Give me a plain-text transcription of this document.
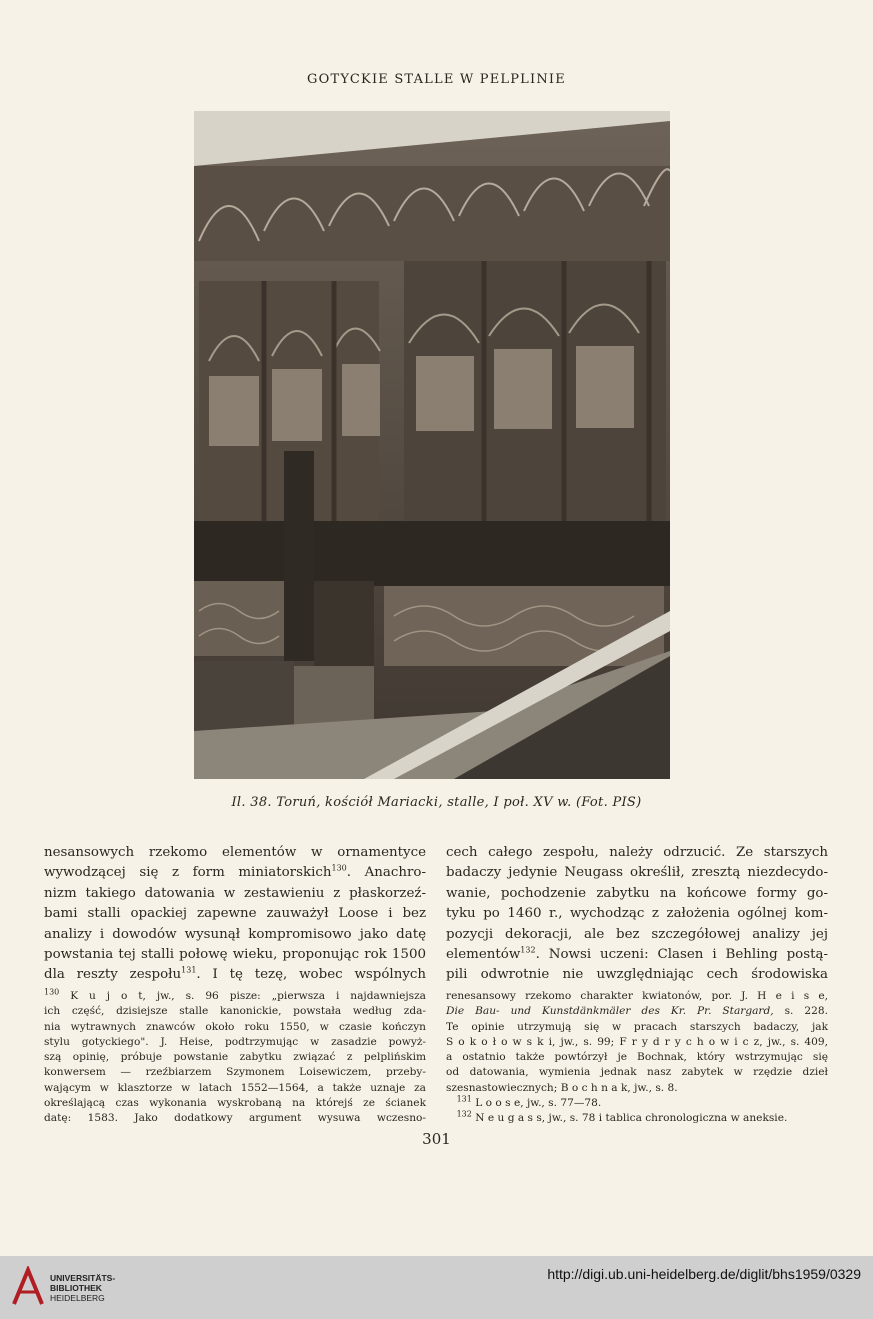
GOTYCKIE STALLE W PELPLINIE
Il. 38. Toruń, kościół Mariacki, stalle, I poł. XV w. (Fot. PIS)
nesansowych rzekomo elementów w ornamentyce
wywodzącej się z form miniatorskich$^{130}$. Anachro-
nizm takiego datowania w zestawieniu z płaskorzeź-
bami stalli opackiej zapewne zauważył Loose i bez
analizy i dowodów wysunął kompromisowo jako datę
powstania tej stalli połowę wieku, proponując rok 1500
dla reszty zespołu$^{131}$. I tę tezę, wobec wspólnych
cech całego zespołu, należy odrzucić. Ze starszych
badaczy jedynie Neugass określił, zresztą niezdecydo-
wanie, pochodzenie zabytku na końcowe formy go-
tyku po 1460 r., wychodząc z założenia ogólnej kom-
pozycji dekoracji, ale bez szczegółowej analizy jej
elementów$^{132}$. Nowsi uczeni: Clasen i Behling postą-
pili odwrotnie nie uwzględniając cech środowiska
$^{130}$ K u j o t, jw., s. 96 pisze: „pierwsza i najdawniejsza
ich część, dzisiejsze stalle kanonickie, powstała według zda-
nia wytrawnych znawców około roku 1550, w czasie kończyn
stylu gotyckiego". J. Heise, podtrzymując w zasadzie powyż-
szą opinię, próbuje powstanie zabytku związać z pelplińskim
konwersem — rzeźbiarzem Szymonem Loisewiczem, przeby-
wającym w klasztorze w latach 1552—1564, a także uznaje za
określającą czas wykonania wyskrobaną na którejś ze ścianek
datę: 1583. Jako dodatkowy argument wysuwa wczesno-
renesansowy rzekomo charakter kwiatonów, por. J. H e i s e,
Die Bau- und Kunstdänkmäler des Kr. Pr. Stargard, s. 228.
Te opinie utrzymują się w pracach starszych badaczy, jak
S o k o ł o w s k i, jw., s. 99; F r y d r y c h o w i c z, jw., s. 409,
a ostatnio także powtórzył je Bochnak, który wstrzymując się
od datowania, wymienia jednak nasz zabytek w rzędzie dzieł
szesnastowiecznych; B o c h n a k, jw., s. 8.
 $^{131}$ L o o s e, jw., s. 77—78.
 $^{132}$ N e u g a s s, jw., s. 78 i tablica chronologiczna w aneksie.
301
UNIVERSITÄTS-
BIBLIOTHEK
HEIDELBERG
http://digi.ub.uni-heidelberg.de/diglit/bhs1959/0329
